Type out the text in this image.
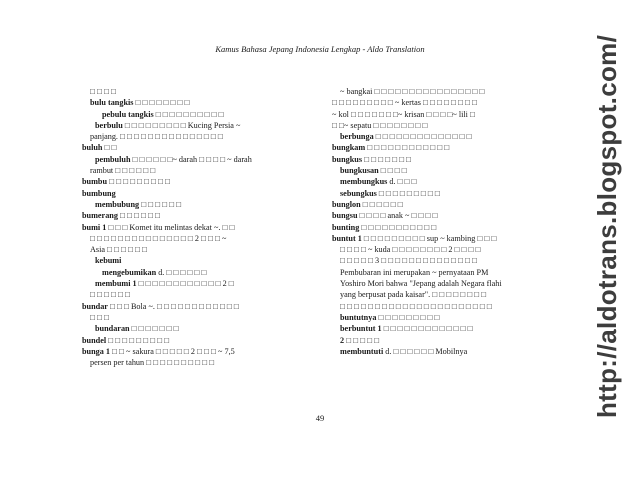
Kamus Bahasa Jepang Indonesia Lengkap - Aldo Translation
□ □ □ □
bulu tangkis □ □ □ □ □ □ □ □
pebulu tangkis □ □ □ □ □ □ □ □ □ □
berbulu □ □ □ □ □ □ □ □ □ Kucing Persia ~
panjang. □ □ □ □ □ □ □ □ □ □ □ □ □ □ □
buluh □ □
pembuluh □ □ □ □ □ □~ darah □ □ □ □ ~ darah
rambut □ □ □ □ □ □
bumbu □ □ □ □ □ □ □ □ □
bumbung
membubung □ □ □ □ □ □
bumerang □ □ □ □ □ □
bumi 1 □ □ □ Komet itu melintas dekat ~. □ □
□ □ □ □ □ □ □ □ □ □ □ □ □ □ □ 2 □ □ □ ~
Asia □ □ □ □ □ □
kebumi
mengebumikan d. □ □ □ □ □ □
membumi 1 □ □ □ □ □ □ □ □ □ □ □ □ 2 □
□ □ □ □ □ □
bundar □ □ □ Bola ~. □ □ □ □ □ □ □ □ □ □ □ □
□ □ □
bundaran □ □ □ □ □ □ □
bundel □ □ □ □ □ □ □ □ □
bunga 1 □ □ ~ sakura □ □ □ □ □ 2 □ □ □ ~ 7,5
persen per tahun □ □ □ □ □ □ □ □ □ □
~ bangkai □ □ □ □ □ □ □ □ □ □ □ □ □ □ □ □
□ □ □ □ □ □ □ □ □ ~ kertas □ □ □ □ □ □ □ □
~ kol □ □ □ □ □ □ □~ krisan □ □ □ □~ lili □
□ □~ sepatu □ □ □ □ □ □ □ □
berbunga □ □ □ □ □ □ □ □ □ □ □ □ □ □
bungkam □ □ □ □ □ □ □ □ □ □ □ □
bungkus □ □ □ □ □ □ □
bungkusan □ □ □ □
membungkus d. □ □ □
sebungkus □ □ □ □ □ □ □ □ □
bunglon □ □ □ □ □ □
bungsu □ □ □ □ anak ~ □ □ □ □
bunting □ □ □ □ □ □ □ □ □ □ □
buntut 1 □ □ □ □ □ □ □ □ □ sup ~ kambing □ □ □
□ □ □ □ ~ kuda □ □ □ □ □ □ □ □ 2 □ □ □ □
□ □ □ □ □ 3 □ □ □ □ □ □ □ □ □ □ □ □ □ □
Pembubaran ini merupakan ~ pernyataan PM
Yoshiro Mori bahwa "Jepang adalah Negara flahi
yang berpusat pada kaisar". □ □ □ □ □ □ □ □
□ □ □ □ □ □ □ □ □ □ □ □ □ □ □ □ □ □ □ □ □ □
buntutnya □ □ □ □ □ □ □ □ □
berbuntut 1 □ □ □ □ □ □ □ □ □ □ □ □ □
2 □ □ □ □ □
membuntuti d. □ □ □ □ □ □ Mobilnya
49	http://aldotrans.blogspot.com/
